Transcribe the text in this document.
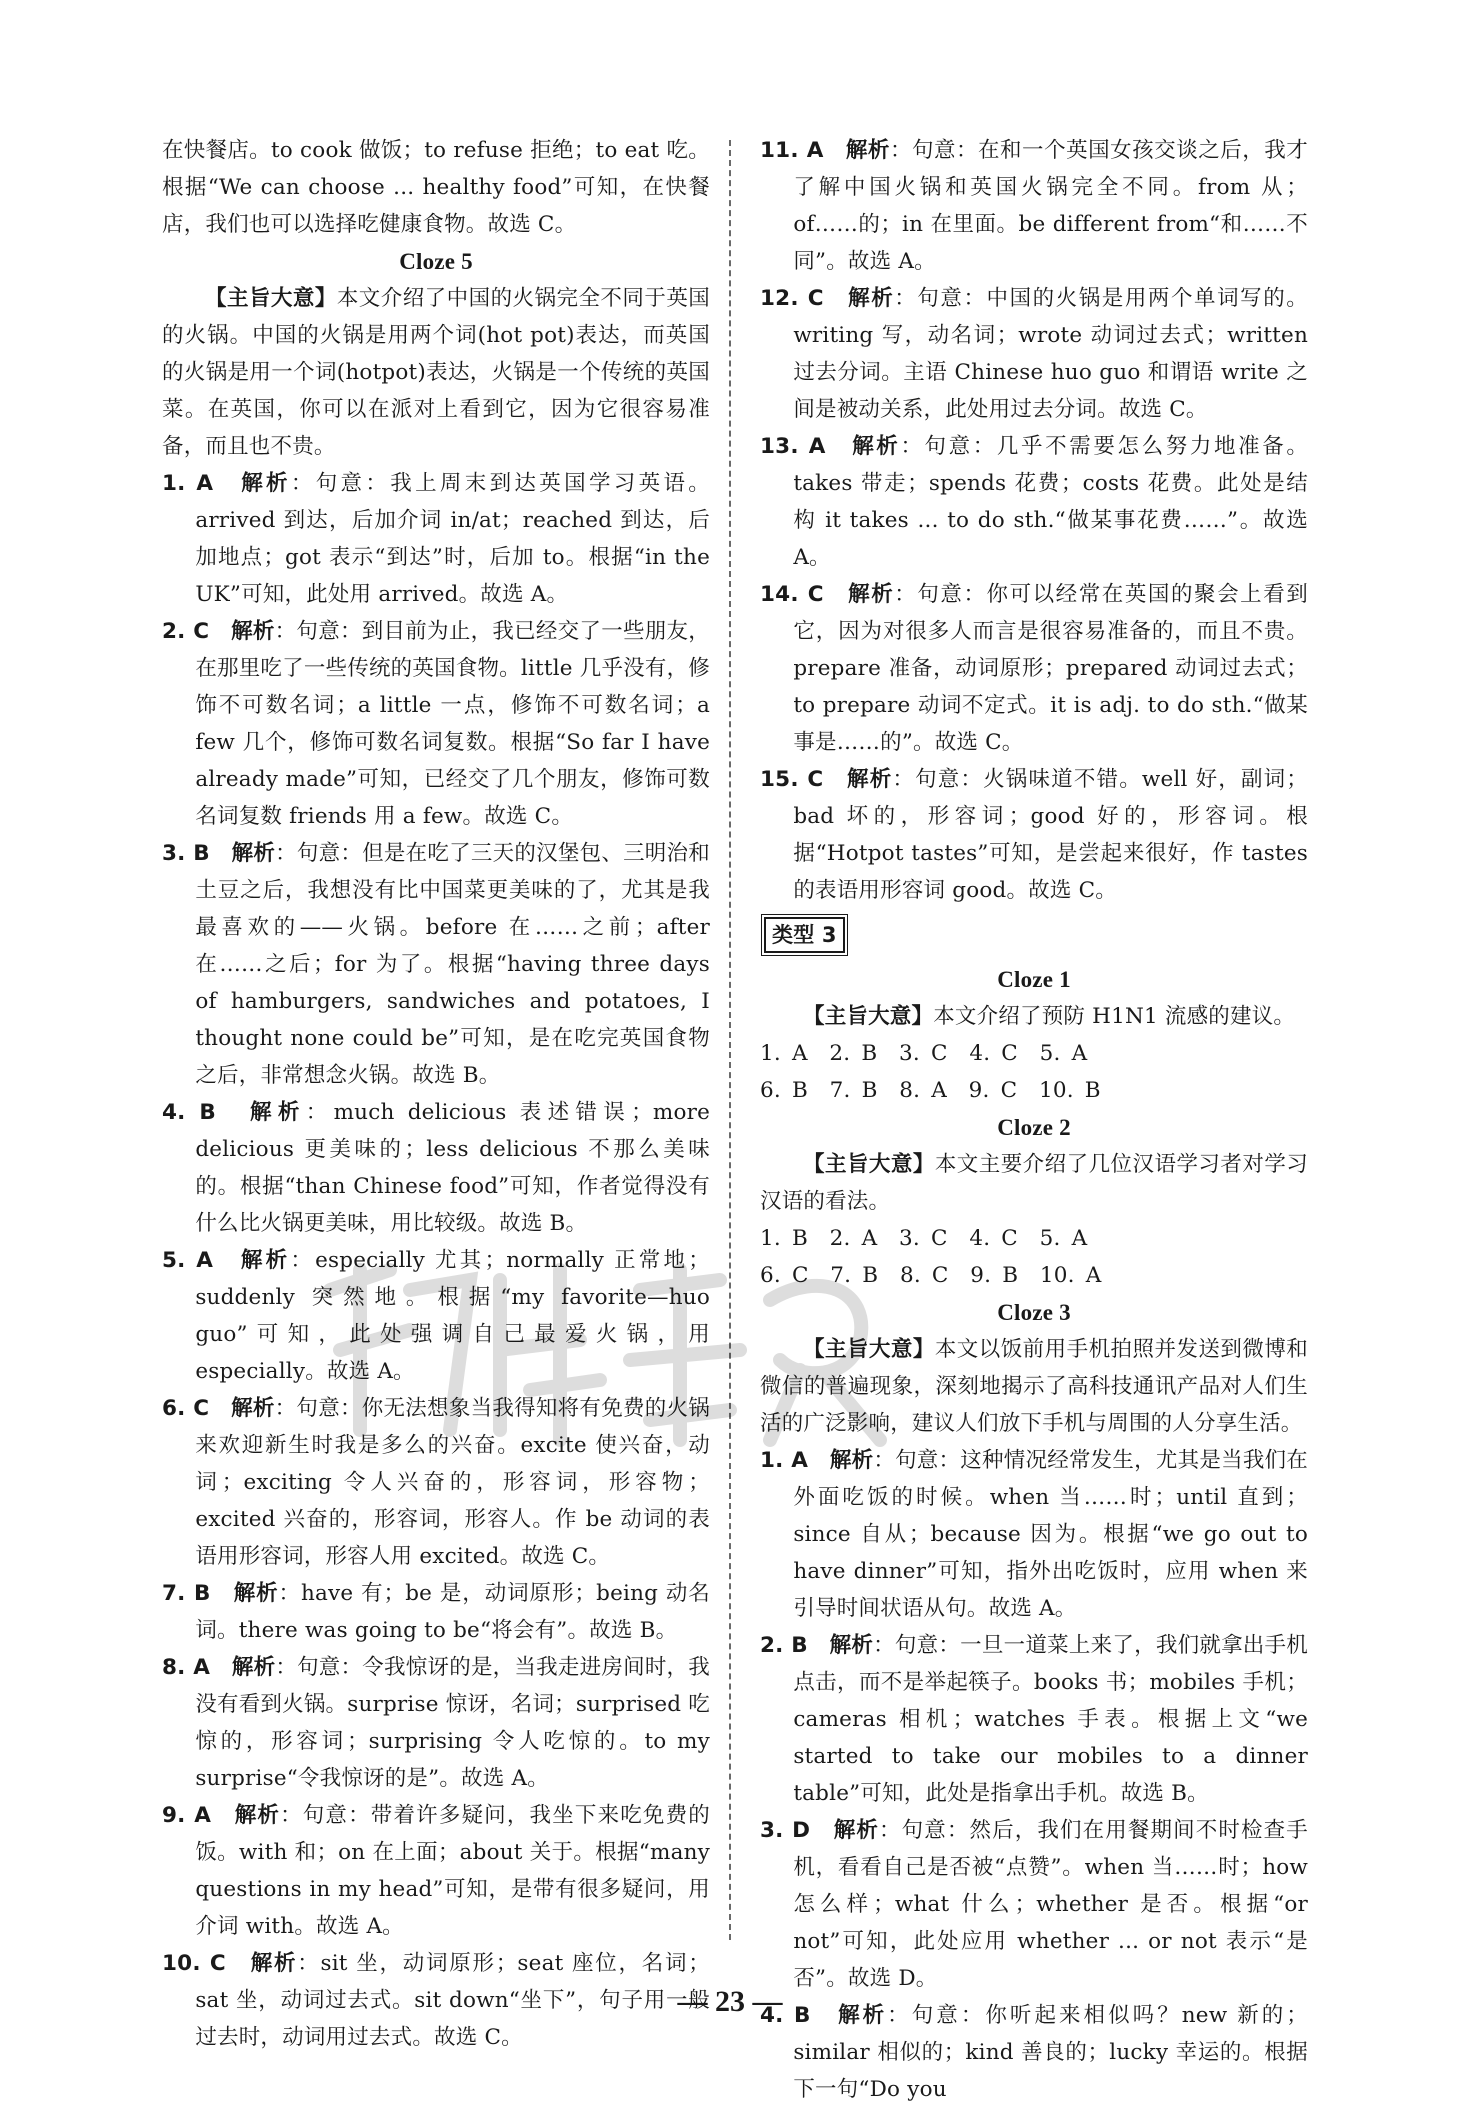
在快餐店。to cook 做饭；to refuse 拒绝；to eat 吃。根据“We can choose ... healthy food”可知，在快餐店，我们也可以选择吃健康食物。故选 C。

Cloze 5

【主旨大意】本文介绍了中国的火锅完全不同于英国的火锅。中国的火锅是用两个词(hot pot)表达，而英国的火锅是用一个词(hotpot)表达，火锅是一个传统的英国菜。在英国，你可以在派对上看到它，因为它很容易准备，而且也不贵。

1. A　 解析：句意：我上周末到达英国学习英语。arrived 到达，后加介词 in/at；reached 到达，后加地点；got 表示“到达”时，后加 to。根据“in the UK”可知，此处用 arrived。故选 A。

2. C　 解析：句意：到目前为止，我已经交了一些朋友，在那里吃了一些传统的英国食物。little 几乎没有，修饰不可数名词；a little 一点，修饰不可数名词；a few 几个，修饰可数名词复数。根据“So far I have already made”可知，已经交了几个朋友，修饰可数名词复数 friends 用 a few。故选 C。

3. B　 解析：句意：但是在吃了三天的汉堡包、三明治和土豆之后，我想没有比中国菜更美味的了，尤其是我最喜欢的——火锅。before 在……之前；after 在……之后；for 为了。根据“having three days of hamburgers, sandwiches and potatoes, I thought none could be”可知，是在吃完英国食物之后，非常想念火锅。故选 B。

4. B　 解析：much delicious 表述错误；more delicious 更美味的；less delicious 不那么美味的。根据“than Chinese food”可知，作者觉得没有什么比火锅更美味，用比较级。故选 B。

5. A　 解析：especially 尤其；normally 正常地；suddenly 突然地。根据“my favorite—huo guo”可知，此处强调自己最爱火锅，用 especially。故选 A。

6. C　 解析：句意：你无法想象当我得知将有免费的火锅来欢迎新生时我是多么的兴奋。excite 使兴奋，动词；exciting 令人兴奋的，形容词，形容物；excited 兴奋的，形容词，形容人。作 be 动词的表语用形容词，形容人用 excited。故选 C。

7. B　 解析：have 有；be 是，动词原形；being 动名词。there was going to be“将会有”。故选 B。

8. A　 解析：句意：令我惊讶的是，当我走进房间时，我没有看到火锅。surprise 惊讶，名词；surprised 吃惊的，形容词；surprising 令人吃惊的。to my surprise“令我惊讶的是”。故选 A。

9. A　 解析：句意：带着许多疑问，我坐下来吃免费的饭。with 和；on 在上面；about 关于。根据“many questions in my head”可知，是带有很多疑问，用介词 with。故选 A。

10. C　 解析：sit 坐，动词原形；seat 座位，名词；sat 坐，动词过去式。sit down“坐下”，句子用一般过去时，动词用过去式。故选 C。

11. A　 解析：句意：在和一个英国女孩交谈之后，我才了解中国火锅和英国火锅完全不同。from 从；of……的；in 在里面。be different from“和……不同”。故选 A。

12. C　 解析：句意：中国的火锅是用两个单词写的。writing 写，动名词；wrote 动词过去式；written 过去分词。主语 Chinese huo guo 和谓语 write 之间是被动关系，此处用过去分词。故选 C。

13. A　 解析：句意：几乎不需要怎么努力地准备。takes 带走；spends 花费；costs 花费。此处是结构 it takes ... to do sth.“做某事花费……”。故选 A。

14. C　 解析：句意：你可以经常在英国的聚会上看到它，因为对很多人而言是很容易准备的，而且不贵。prepare 准备，动词原形；prepared 动词过去式；to prepare 动词不定式。it is adj. to do sth.“做某事是……的”。故选 C。

15. C　 解析：句意：火锅味道不错。well 好，副词；bad 坏的，形容词；good 好的，形容词。根据“Hotpot tastes”可知，是尝起来很好，作 tastes 的表语用形容词 good。故选 C。

类型 3

Cloze 1

【主旨大意】本文介绍了预防 H1N1 流感的建议。

1. A　2. B　3. C　4. C　5. A

6. B　7. B　8. A　9. C　10. B

Cloze 2

【主旨大意】本文主要介绍了几位汉语学习者对学习汉语的看法。

1. B　2. A　3. C　4. C　5. A

6. C　7. B　8. C　9. B　10. A

Cloze 3

【主旨大意】本文以饭前用手机拍照并发送到微博和微信的普遍现象，深刻地揭示了高科技通讯产品对人们生活的广泛影响，建议人们放下手机与周围的人分享生活。

1. A　 解析：句意：这种情况经常发生，尤其是当我们在外面吃饭的时候。when 当……时；until 直到；since 自从；because 因为。根据“we go out to have dinner”可知，指外出吃饭时，应用 when 来引导时间状语从句。故选 A。

2. B　 解析：句意：一旦一道菜上来了，我们就拿出手机点击，而不是举起筷子。books 书；mobiles 手机；cameras 相机；watches 手表。根据上文“we started to take our mobiles to a dinner table”可知，此处是指拿出手机。故选 B。

3. D　 解析：句意：然后，我们在用餐期间不时检查手机，看看自己是否被“点赞”。when 当……时；how 怎么样；what 什么；whether 是否。根据“or not”可知，此处应用 whether ... or not 表示“是否”。故选 D。

4. B　 解析：句意：你听起来相似吗？new 新的；similar 相似的；kind 善良的；lucky 幸运的。根据下一句“Do you

— 23 —
